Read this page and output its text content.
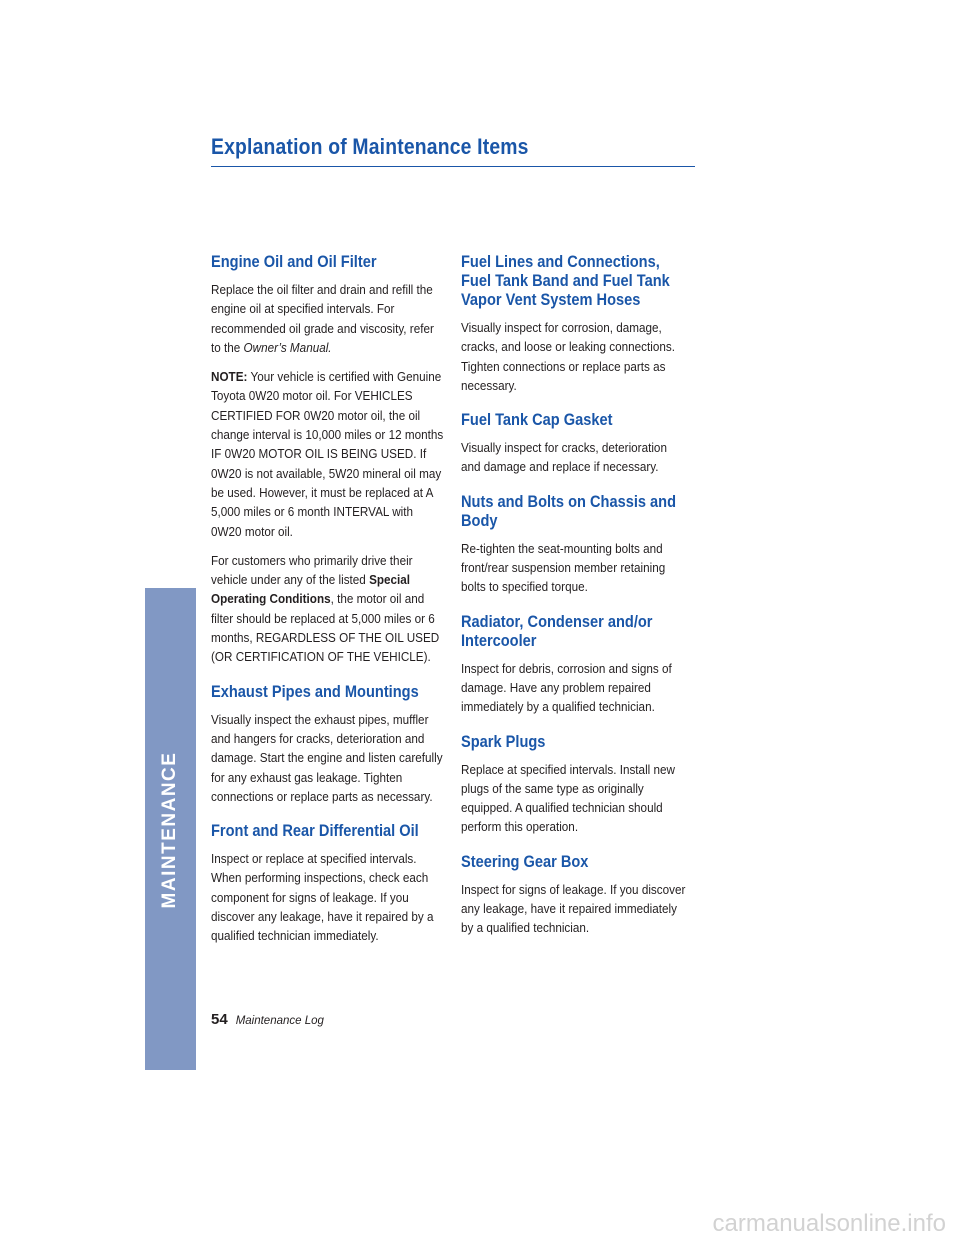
Explanation of Maintenance Items
MAINTENANCE
Engine Oil and Oil Filter

Replace the oil filter and drain and refill the engine oil at specified intervals. For recommended oil grade and viscosity, refer to the Owner’s Manual.

NOTE: Your vehicle is certified with Genuine Toyota 0W20 motor oil. For VEHICLES CERTIFIED FOR 0W20 motor oil, the oil change interval is 10,000 miles or 12 months IF 0W20 MOTOR OIL IS BEING USED. If 0W20 is not available, 5W20 mineral oil may be used. However, it must be replaced at A 5,000 miles or 6 month INTERVAL with 0W20 motor oil.

For customers who primarily drive their vehicle under any of the listed Special Operating Conditions, the motor oil and filter should be replaced at 5,000 miles or 6 months, REGARDLESS OF THE OIL USED (OR CERTIFICATION OF THE VEHICLE).

Exhaust Pipes and Mountings

Visually inspect the exhaust pipes, muffler and hangers for cracks, deterioration and damage. Start the engine and listen carefully for any exhaust gas leakage. Tighten connections or replace parts as necessary.

Front and Rear Differential Oil

Inspect or replace at specified intervals. When performing inspections, check each component for signs of leakage. If you discover any leakage, have it repaired by a qualified technician immediately.

Fuel Lines and Connections, Fuel Tank Band and Fuel Tank Vapor Vent System Hoses

Visually inspect for corrosion, damage, cracks, and loose or leaking connections. Tighten connections or replace parts as necessary.

Fuel Tank Cap Gasket

Visually inspect for cracks, deterioration and damage and replace if necessary.

Nuts and Bolts on Chassis and Body

Re-tighten the seat-mounting bolts and front/rear suspension member retaining bolts to specified torque.

Radiator, Condenser and/or Intercooler

Inspect for debris, corrosion and signs of damage. Have any problem repaired immediately by a qualified technician.

Spark Plugs

Replace at specified intervals. Install new plugs of the same type as originally equipped. A qualified technician should perform this operation.

Steering Gear Box

Inspect for signs of leakage. If you discover any leakage, have it repaired immediately by a qualified technician.

54 Maintenance Log
carmanualsonline.info
